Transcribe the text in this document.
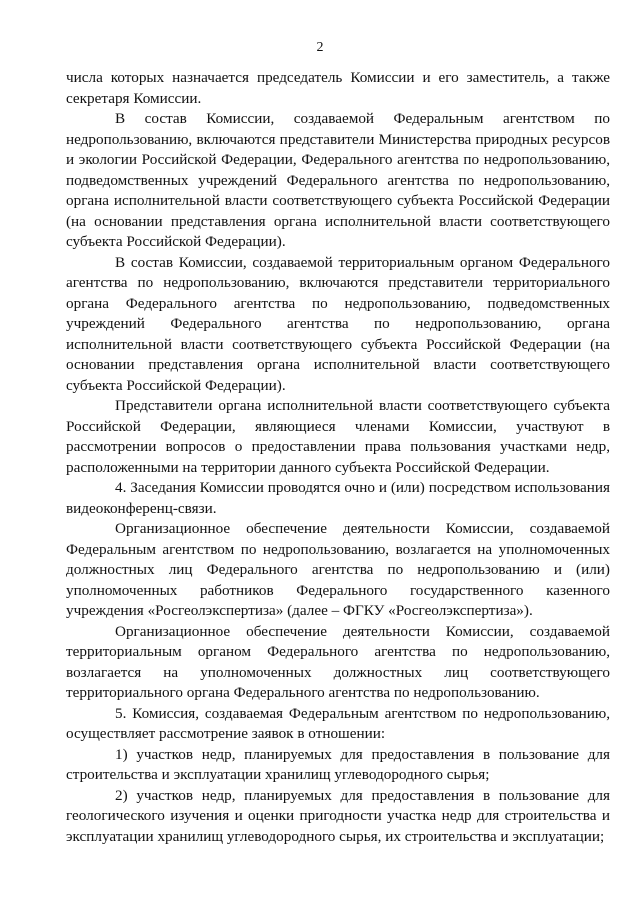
2

числа которых назначается председатель Комиссии и его заместитель, а также секретаря Комиссии.

В состав Комиссии, создаваемой Федеральным агентством по недропользованию, включаются представители Министерства природных ресурсов и экологии Российской Федерации, Федерального агентства по недропользованию, подведомственных учреждений Федерального агентства по недропользованию, органа исполнительной власти соответствующего субъекта Российской Федерации (на основании представления органа исполнительной власти соответствующего субъекта Российской Федерации).

В состав Комиссии, создаваемой территориальным органом Федерального агентства по недропользованию, включаются представители территориального органа Федерального агентства по недропользованию, подведомственных учреждений Федерального агентства по недропользованию, органа исполнительной власти соответствующего субъекта Российской Федерации (на основании представления органа исполнительной власти соответствующего субъекта Российской Федерации).

Представители органа исполнительной власти соответствующего субъекта Российской Федерации, являющиеся членами Комиссии, участвуют в рассмотрении вопросов о предоставлении права пользования участками недр, расположенными на территории данного субъекта Российской Федерации.

4. Заседания Комиссии проводятся очно и (или) посредством использования видеоконференц-связи.

Организационное обеспечение деятельности Комиссии, создаваемой Федеральным агентством по недропользованию, возлагается на уполномоченных должностных лиц Федерального агентства по недропользованию и (или) уполномоченных работников Федерального государственного казенного учреждения «Росгеолэкспертиза» (далее – ФГКУ «Росгеолэкспертиза»).

Организационное обеспечение деятельности Комиссии, создаваемой территориальным органом Федерального агентства по недропользованию, возлагается на уполномоченных должностных лиц соответствующего территориального органа Федерального агентства по недропользованию.

5. Комиссия, создаваемая Федеральным агентством по недропользованию, осуществляет рассмотрение заявок в отношении:

1) участков недр, планируемых для предоставления в пользование для строительства и эксплуатации хранилищ углеводородного сырья;

2) участков недр, планируемых для предоставления в пользование для геологического изучения и оценки пригодности участка недр для строительства и эксплуатации хранилищ углеводородного сырья, их строительства и эксплуатации;
